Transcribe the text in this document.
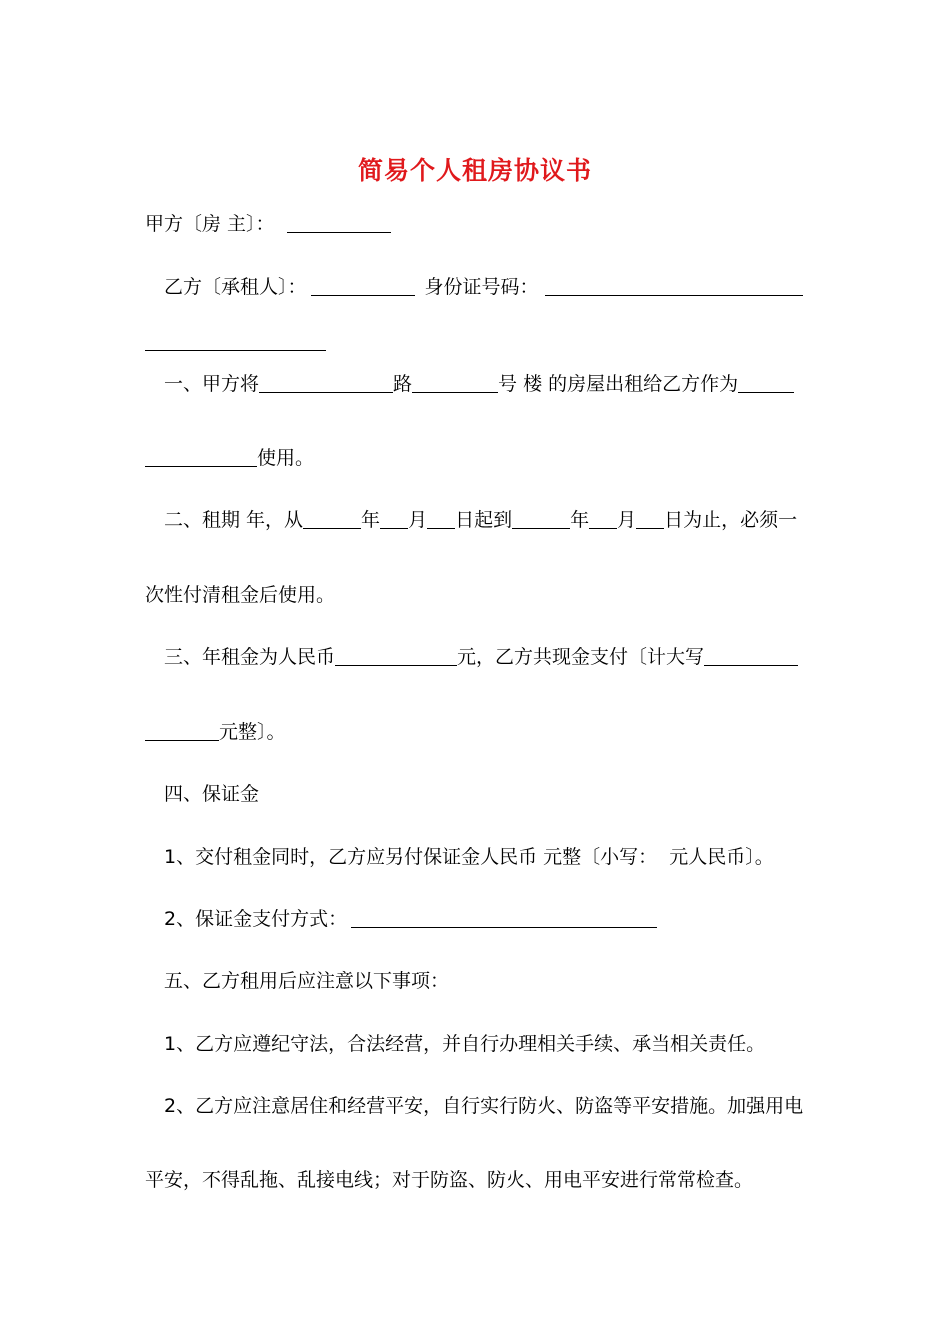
简易个人租房协议书
甲方〔房 主〕：
乙方〔承租人〕：	身份证号码：
一、甲方将	路	号 楼 的房屋出租给乙方作为
使用。
二、租期 年，从	年 月 日起到	年 月 日为止，必须一
次性付清租金后使用。
三、年租金为人民币	元，乙方共现金支付〔计大写
元整〕。
四、保证金
1、交付租金同时，乙方应另付保证金人民币 元整〔小写：  元人民币〕。
2、保证金支付方式：
五、乙方租用后应注意以下事项：
1、乙方应遵纪守法，合法经营，并自行办理相关手续、承当相关责任。
2、乙方应注意居住和经营平安，自行实行防火、防盗等平安措施。加强用电
平安，不得乱拖、乱接电线；对于防盗、防火、用电平安进行常常检查。
